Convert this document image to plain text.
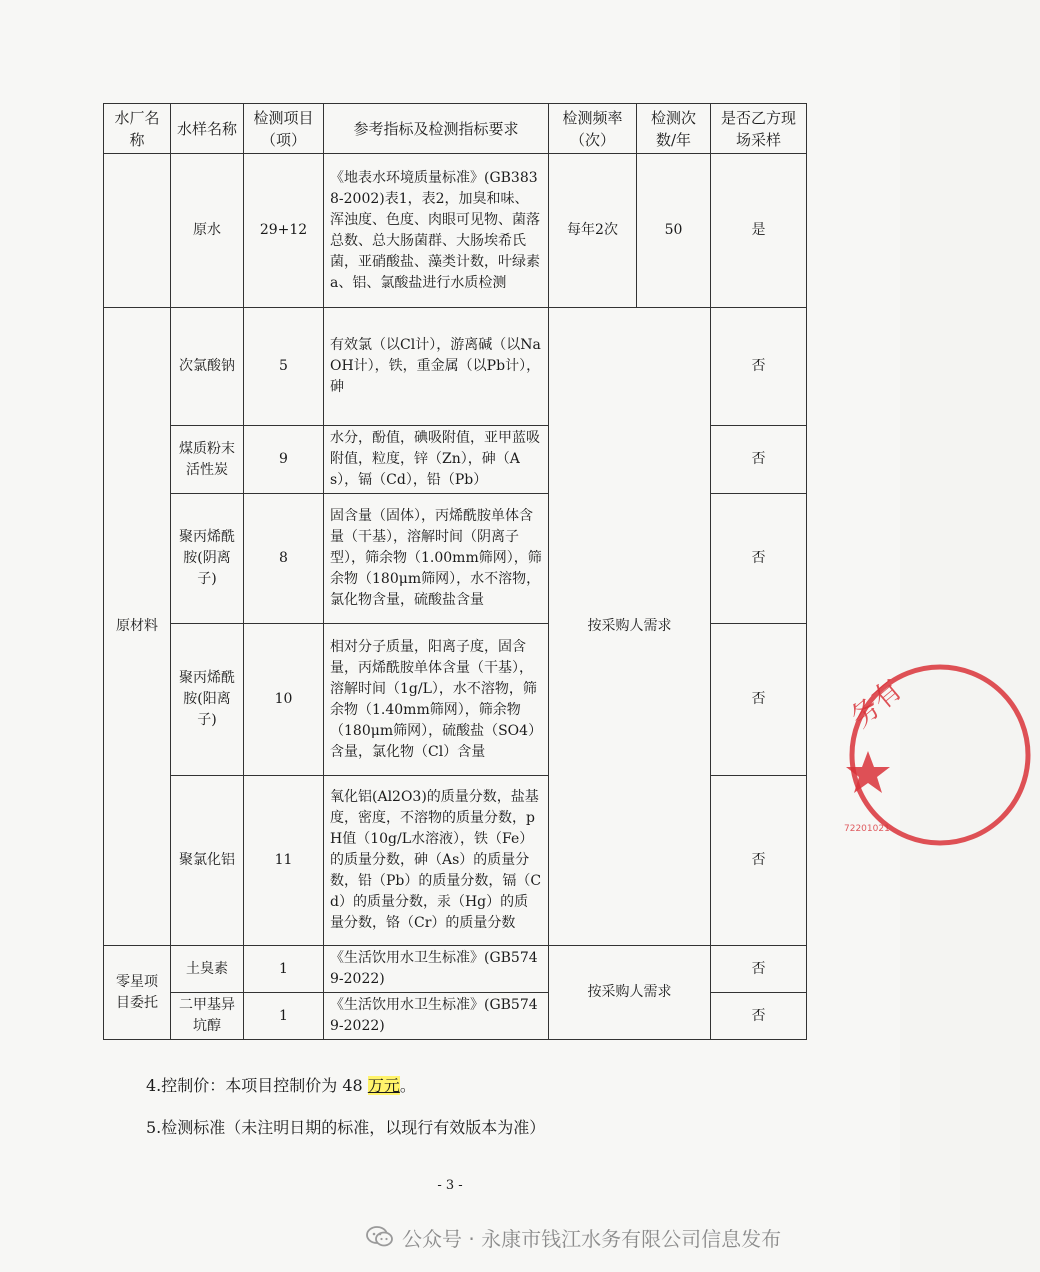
水厂名称	水样名称	检测项目（项）	参考指标及检测指标要求	检测频率（次）	检测次数/年	是否乙方现场采样
	原水	29+12	《地表水环境质量标准》(GB3838-2002)表1，表2，加臭和味、浑浊度、色度、肉眼可见物、菌落总数、总大肠菌群、大肠埃希氏菌，亚硝酸盐、藻类计数，叶绿素a、铝、氯酸盐进行水质检测	每年2次	50	是
原材料	次氯酸钠	5	有效氯（以Cl计），游离碱（以NaOH计），铁，重金属（以Pb计），砷	按采购人需求		否
	煤质粉末活性炭	9	水分，酚值，碘吸附值，亚甲蓝吸附值，粒度，锌（Zn），砷（As），镉（Cd），铅（Pb）			否
	聚丙烯酰胺(阴离子)	8	固含量（固体），丙烯酰胺单体含量（干基），溶解时间（阴离子型），筛余物（1.00mm筛网），筛余物（180μm筛网），水不溶物，氯化物含量，硫酸盐含量			否
	聚丙烯酰胺(阳离子)	10	相对分子质量，阳离子度，固含量，丙烯酰胺单体含量（干基），溶解时间（1g/L），水不溶物，筛余物（1.40mm筛网），筛余物（180μm筛网），硫酸盐（SO4）含量，氯化物（Cl）含量			否
	聚氯化铝	11	氧化铝(Al2O3)的质量分数，盐基度，密度，不溶物的质量分数，pH值（10g/L水溶液），铁（Fe）的质量分数，砷（As）的质量分数，铅（Pb）的质量分数，镉（Cd）的质量分数，汞（Hg）的质量分数，铬（Cr）的质量分数			否
零星项目委托	土臭素	1	《生活饮用水卫生标准》(GB5749-2022)	按采购人需求		否
	二甲基异坑醇	1	《生活饮用水卫生标准》(GB5749-2022)			否
4.控制价：本项目控制价为 48 万元。
5.检测标准（未注明日期的标准，以现行有效版本为准）
- 3 -
务有
72201021
公众号 · 永康市钱江水务有限公司信息发布
